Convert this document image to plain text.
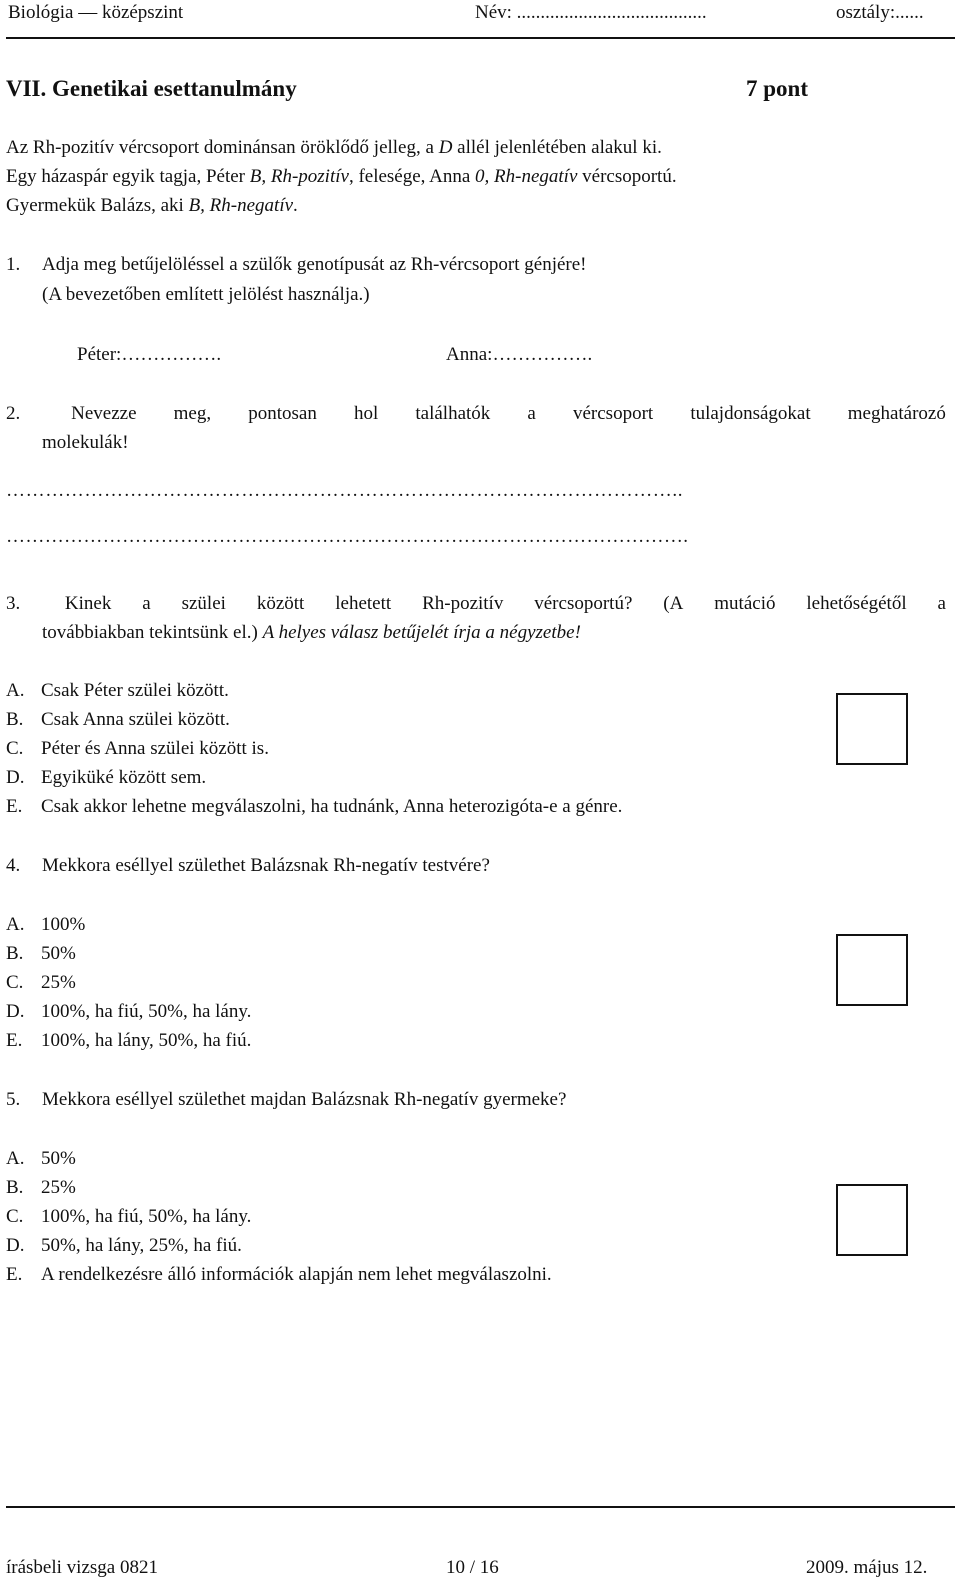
Biológia — középszint	Név: ........................................	osztály:......
VII. Genetikai esettanulmány	7 pont
Az Rh-pozitív vércsoport dominánsan öröklődő jelleg, a D allél jelenlétében alakul ki.
Egy házaspár egyik tagja, Péter B, Rh-pozitív, felesége, Anna 0, Rh-negatív vércsoportú.
Gyermekük Balázs, aki B, Rh-negatív.
1. Adja meg betűjelöléssel a szülők genotípusát az Rh-vércsoport génjére!
(A bevezetőben említett jelölést használja.)
Péter:…………….	Anna:…………….
2.	Nevezze meg, pontosan hol találhatók a vércsoport tulajdonságokat meghatározó
molekulák!
…………………………………………………………………………………………..
…………………………………………………………………………………………….
3.	Kinek a szülei között lehetett Rh-pozitív vércsoportú? (A mutáció lehetőségétől a
továbbiakban tekintsünk el.) A helyes válasz betűjelét írja a négyzetbe!
A. Csak Péter szülei között.
B. Csak Anna szülei között.
C. Péter és Anna szülei között is.
D. Egyiküké között sem.
E. Csak akkor lehetne megválaszolni, ha tudnánk, Anna heterozigóta-e a génre.
4. Mekkora eséllyel születhet Balázsnak Rh-negatív testvére?
A. 100%
B. 50%
C. 25%
D. 100%, ha fiú, 50%, ha lány.
E. 100%, ha lány, 50%, ha fiú.
5. Mekkora eséllyel születhet majdan Balázsnak Rh-negatív gyermeke?
A. 50%
B. 25%
C. 100%, ha fiú, 50%, ha lány.
D. 50%, ha lány, 25%, ha fiú.
E. A rendelkezésre álló információk alapján nem lehet megválaszolni.
írásbeli vizsga 0821	10 / 16	2009. május 12.
